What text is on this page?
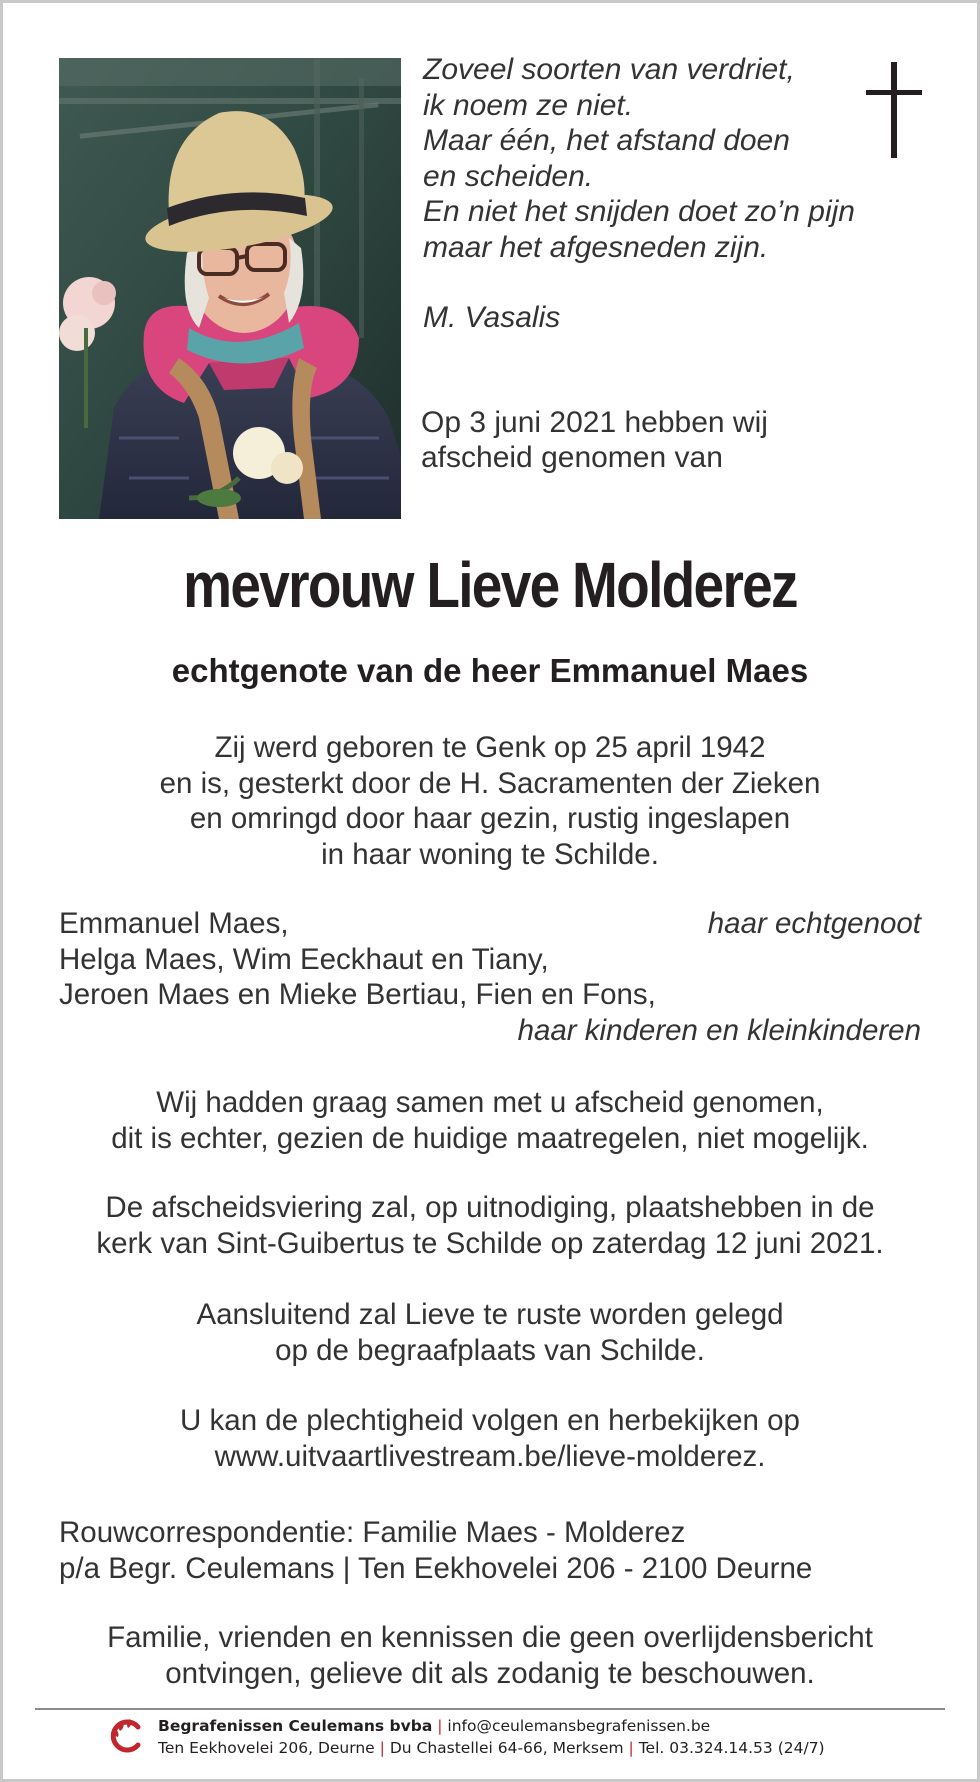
Zoveel soorten van verdriet,
ik noem ze niet.
Maar één, het afstand doen
en scheiden.
En niet het snijden doet zo’n pijn
maar het afgesneden zijn.
M. Vasalis
Op 3 juni 2021 hebben wij
afscheid genomen van
mevrouw Lieve Molderez
echtgenote van de heer Emmanuel Maes
Zij werd geboren te Genk op 25 april 1942
en is, gesterkt door de H. Sacramenten der Zieken
en omringd door haar gezin, rustig ingeslapen
in haar woning te Schilde.
Emmanuel Maes,	haar echtgenoot
Helga Maes, Wim Eeckhaut en Tiany,
Jeroen Maes en Mieke Bertiau, Fien en Fons,
haar kinderen en kleinkinderen
Wij hadden graag samen met u afscheid genomen,
dit is echter, gezien de huidige maatregelen, niet mogelijk.
De afscheidsviering zal, op uitnodiging, plaatshebben in de
kerk van Sint-Guibertus te Schilde op zaterdag 12 juni 2021.
Aansluitend zal Lieve te ruste worden gelegd
op de begraafplaats van Schilde.
U kan de plechtigheid volgen en herbekijken op
www.uitvaartlivestream.be/lieve-molderez.
Rouwcorrespondentie: Familie Maes - Molderez
p/a Begr. Ceulemans | Ten Eekhovelei 206 - 2100 Deurne
Familie, vrienden en kennissen die geen overlijdensbericht
ontvingen, gelieve dit als zodanig te beschouwen.
Begrafenissen Ceulemans bvba | info@ceulemansbegrafenissen.be
Ten Eekhovelei 206, Deurne | Du Chastellei 64-66, Merksem | Tel. 03.324.14.53 (24/7)
